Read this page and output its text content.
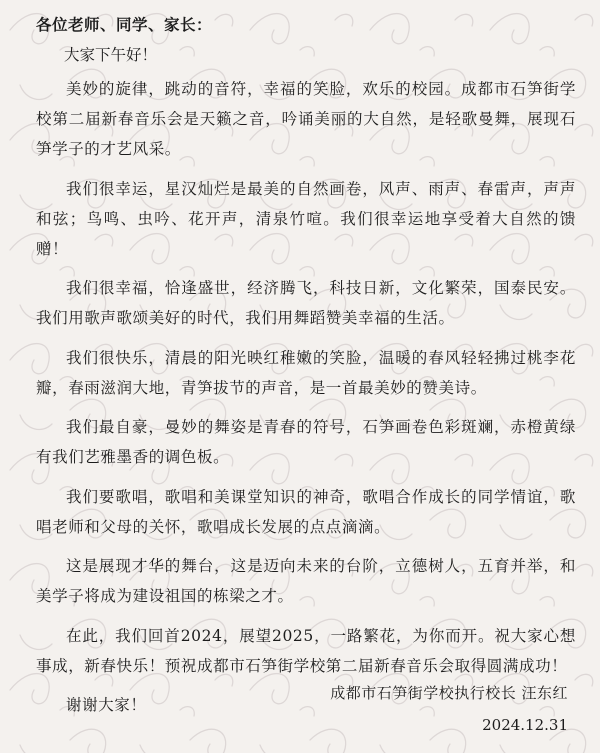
各位老师、同学、家长：
大家下午好！

美妙的旋律，跳动的音符，幸福的笑脸，欢乐的校园。成都市石笋街学校第二届新春音乐会是天籁之音，吟诵美丽的大自然，是轻歌曼舞，展现石笋学子的才艺风采。

我们很幸运，星汉灿烂是最美的自然画卷，风声、雨声、春雷声，声声和弦；鸟鸣、虫吟、花开声，清泉竹喧。我们很幸运地享受着大自然的馈赠！

我们很幸福，恰逢盛世，经济腾飞，科技日新，文化繁荣，国泰民安。我们用歌声歌颂美好的时代，我们用舞蹈赞美幸福的生活。

我们很快乐，清晨的阳光映红稚嫩的笑脸，温暖的春风轻轻拂过桃李花瓣，春雨滋润大地，青笋拔节的声音，是一首最美妙的赞美诗。

我们最自豪，曼妙的舞姿是青春的符号，石笋画卷色彩斑斓，赤橙黄绿有我们艺雅墨香的调色板。

我们要歌唱，歌唱和美课堂知识的神奇，歌唱合作成长的同学情谊，歌唱老师和父母的关怀，歌唱成长发展的点点滴滴。

这是展现才华的舞台，这是迈向未来的台阶，立德树人，五育并举，和美学子将成为建设祖国的栋梁之才。

在此，我们回首2024，展望2025，一路繁花，为你而开。祝大家心想事成，新春快乐！预祝成都市石笋街学校第二届新春音乐会取得圆满成功！

谢谢大家！

成都市石笋街学校执行校长 汪东红
2024.12.31
